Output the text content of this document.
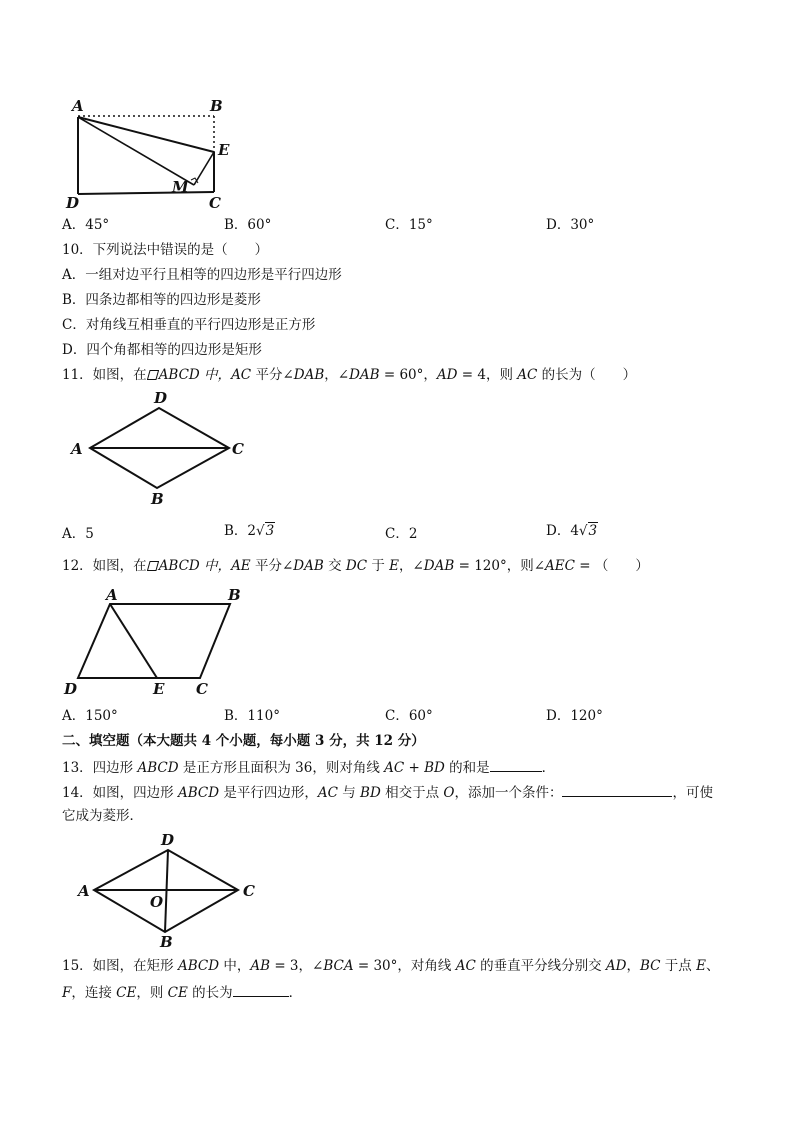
A	B
E
M
D	C
A．45°	B．60°	C．15°	D．30°
10．下列说法中错误的是（　　）
A．一组对边平行且相等的四边形是平行四边形
B．四条边都相等的四边形是菱形
C．对角线互相垂直的平行四边形是正方形
D．四个角都相等的四边形是矩形
11．如图，在 ABCD 中，AC 平分∠DAB，∠DAB = 60°，AD = 4，则 AC 的长为（　　）
D
A	C
B
A．5	B．2√3	C．2	D．4√3
12．如图，在 ABCD 中，AE 平分∠DAB 交 DC 于 E，∠DAB = 120°，则∠AEC = （　　）
A	B
D	E C
A．150°	B．110°	C．60°	D．120°
二、填空题（本大题共 4 个小题，每小题 3 分，共 12 分）
13．四边形 ABCD 是正方形且面积为 36，则对角线 AC + BD 的和是	．
14．如图，四边形 ABCD 是平行四边形，AC 与 BD 相交于点 O，添加一个条件：	，可使
它成为菱形．
D
A	C
O
B
15．如图，在矩形 ABCD 中，AB = 3，∠BCA = 30°，对角线 AC 的垂直平分线分别交 AD，BC 于点 E、
F，连接 CE，则 CE 的长为	．
